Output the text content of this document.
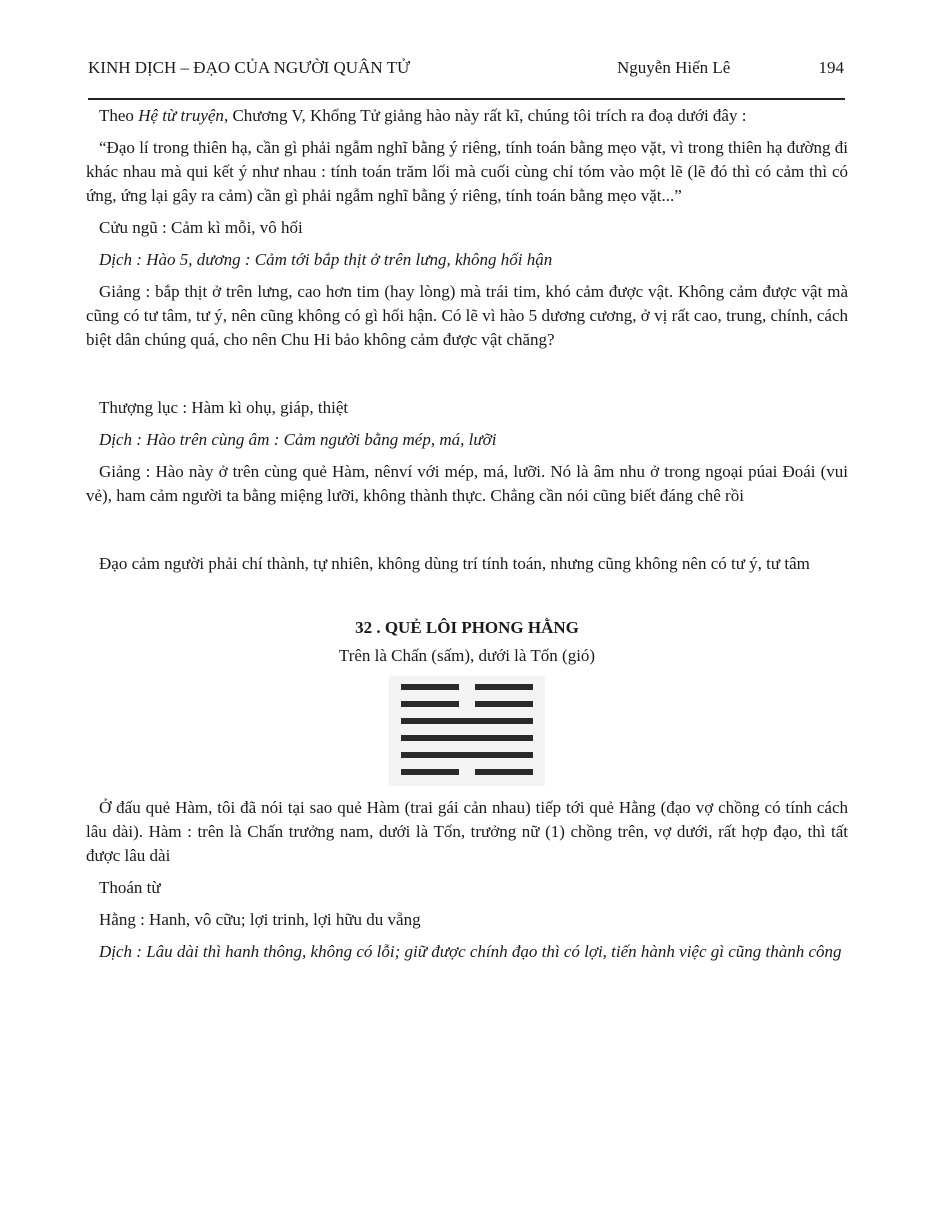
KINH DỊCH – ĐẠO CỦA NGƯỜI QUÂN TỬ	Nguyễn Hiến Lê	194

Theo Hệ từ truyện, Chương V, Khổng Tử giảng hào này rất kĩ, chúng tôi trích ra đoạ dưới đây :

“Đạo lí trong thiên hạ, cần gì phải ngẫm nghĩ bằng ý riêng, tính toán bằng mẹo vặt, vì trong thiên hạ đường đi khác nhau mà qui kết ý như nhau : tính toán trăm lối mà cuối cùng chỉ tóm vào một lẽ (lẽ đó thì có cảm thì có ứng, ứng lại gây ra cảm) cần gì phải ngẫm nghĩ bằng ý riêng, tính toán bằng mẹo vặt...”

Cửu ngũ : Cảm kì mỗi, vô hối

Dịch : Hào 5, dương : Cảm tới bắp thịt ở trên lưng, không hối hận

Giảng : bắp thịt ở trên lưng, cao hơn tim (hay lòng) mà trái tim, khó cảm được vật. Không cảm được vật mà cũng có tư tâm, tư ý, nên cũng không có gì hối hận. Có lẽ vì hào 5 dương cương, ở vị rất cao, trung, chính, cách biệt dân chúng quá, cho nên Chu Hi bảo không cảm được vật chăng?

Thượng lục : Hàm kì ohụ, giáp, thiệt

Dịch : Hào trên cùng âm : Cảm người bằng mép, má, lưỡi

Giảng : Hào này ở trên cùng quẻ Hàm, nênví với mép, má, lưỡi. Nó là âm nhu ở trong ngoại púai Đoái (vui vẻ), ham cảm người ta bằng miệng lưỡi, không thành thực. Chẳng cần nói cũng biết đáng chê rồi

Đạo cảm người phải chí thành, tự nhiên, không dùng trí tính toán, nhưng cũng không nên có tư ý, tư tâm

32 . QUẺ LÔI PHONG HẰNG

Trên là Chấn (sấm), dưới là Tốn (gió)

Ở đấu quẻ Hàm, tôi đã nói tại sao quẻ Hàm (trai gái cản nhau) tiếp tới quẻ Hằng (đạo vợ chồng có tính cách lâu dài). Hàm : trên là Chấn trưởng nam, dưới là Tốn, trưởng nữ (1) chồng trên, vợ dưới, rất hợp đạo, thì tất được lâu dài

Thoán từ

Hằng : Hanh, vô cữu; lợi trinh, lợi hữu du vẵng

Dịch : Lâu dài thì hanh thông, không có lỗi; giữ được chính đạo thì có lợi, tiến hành việc gì cũng thành công
